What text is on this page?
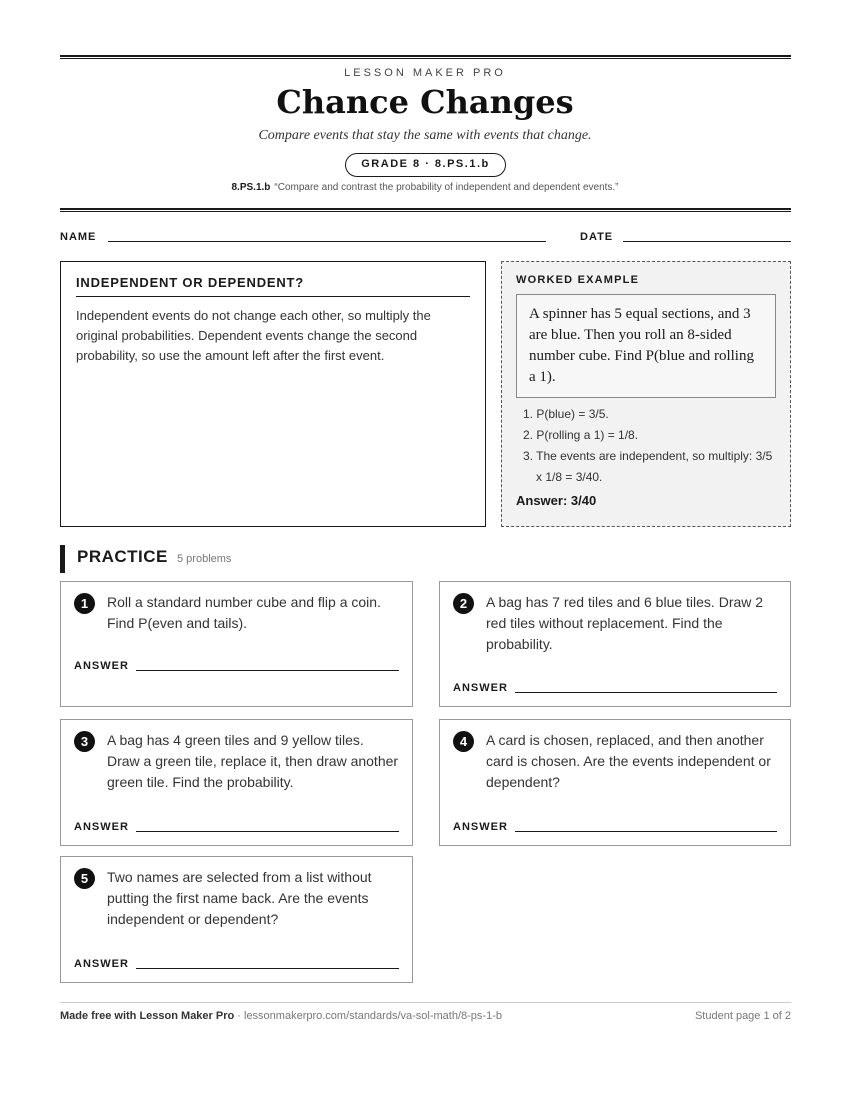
LESSON MAKER PRO
Chance Changes
Compare events that stay the same with events that change.
GRADE 8 · 8.PS.1.b
8.PS.1.b “Compare and contrast the probability of independent and dependent events.”
NAME	DATE
INDEPENDENT OR DEPENDENT?
Independent events do not change each other, so multiply the original probabilities. Dependent events change the second probability, so use the amount left after the first event.
WORKED EXAMPLE
A spinner has 5 equal sections, and 3 are blue. Then you roll an 8-sided number cube. Find P(blue and rolling a 1).
1. P(blue) = 3/5.
2. P(rolling a 1) = 1/8.
3. The events are independent, so multiply: 3/5 x 1/8 = 3/40.
Answer: 3/40
PRACTICE 5 problems
1	Roll a standard number cube and flip a coin. Find P(even and tails).
ANSWER
2	A bag has 7 red tiles and 6 blue tiles. Draw 2 red tiles without replacement. Find the probability.
ANSWER
3	A bag has 4 green tiles and 9 yellow tiles. Draw a green tile, replace it, then draw another green tile. Find the probability.
ANSWER
4	A card is chosen, replaced, and then another card is chosen. Are the events independent or dependent?
ANSWER
5	Two names are selected from a list without putting the first name back. Are the events independent or dependent?
ANSWER
Made free with Lesson Maker Pro · lessonmakerpro.com/standards/va-sol-math/8-ps-1-b	Student page 1 of 2
